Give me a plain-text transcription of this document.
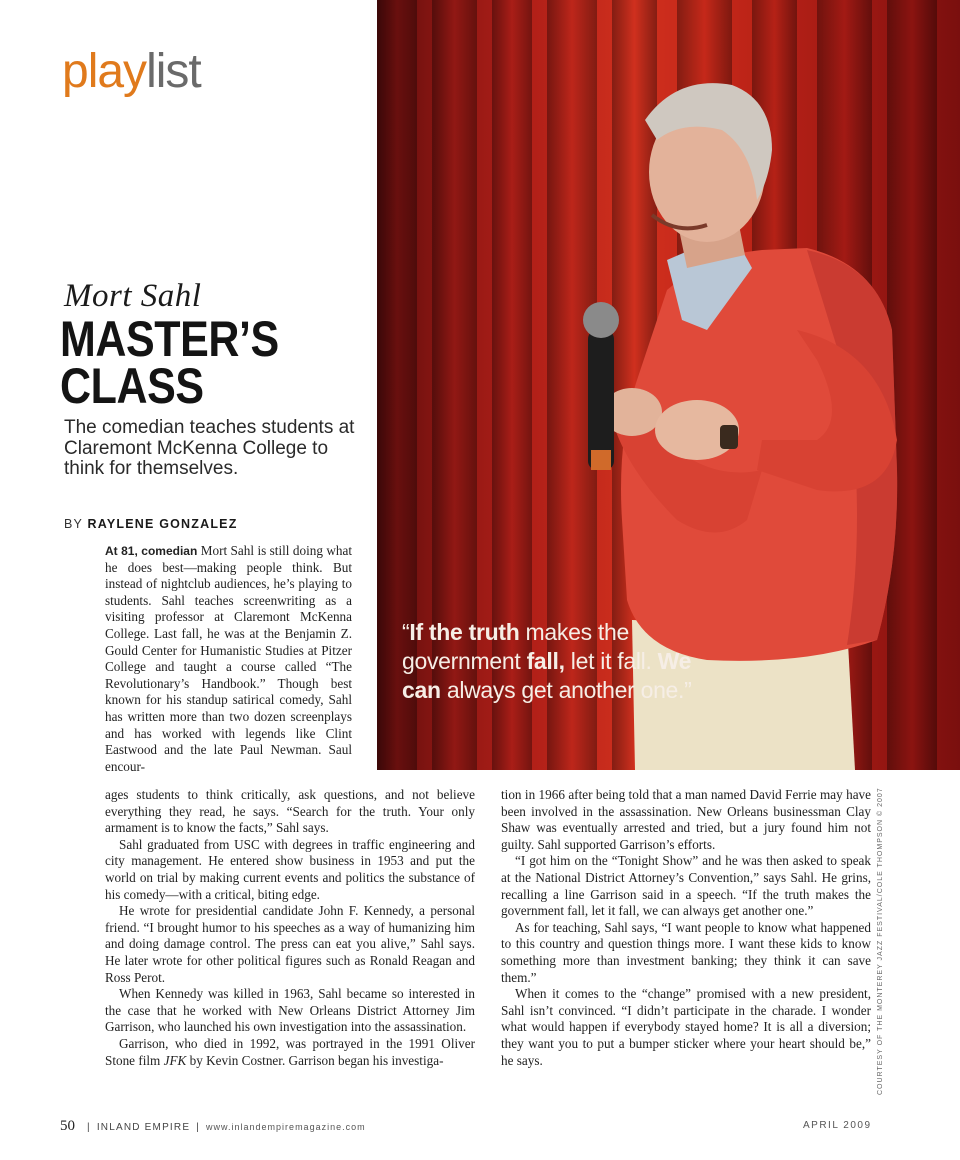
playlist
“If the truth makes the government fall, let it fall. We can always get another one.”
Mort Sahl
MASTER’S
CLASS
The comedian teaches students at Claremont McKenna College to think for themselves.
BY RAYLENE GONZALEZ

At 81, comedian Mort Sahl is still doing what he does best—making people think. But instead of nightclub audiences, he’s playing to students. Sahl teaches screenwriting as a visiting professor at Claremont McKenna College. Last fall, he was at the Benjamin Z. Gould Center for Humanistic Studies at Pitzer College and taught a course called “The Revolutionary’s Handbook.” Though best known for his standup satirical comedy, Sahl has written more than two dozen screenplays and has worked with legends like Clint Eastwood and the late Paul Newman. Saul encour-

ages students to think critically, ask questions, and not believe everything they read, he says. “Search for the truth. Your only armament is to know the facts,” Sahl says.

Sahl graduated from USC with degrees in traffic engineering and city management. He entered show business in 1953 and put the world on trial by making current events and politics the substance of his comedy—with a critical, biting edge.

He wrote for presidential candidate John F. Kennedy, a personal friend. “I brought humor to his speeches as a way of humanizing him and doing damage control. The press can eat you alive,” Sahl says. He later wrote for other political figures such as Ronald Reagan and Ross Perot.

When Kennedy was killed in 1963, Sahl became so interested in the case that he worked with New Orleans District Attorney Jim Garrison, who launched his own investigation into the assassination.

Garrison, who died in 1992, was portrayed in the 1991 Oliver Stone film JFK by Kevin Costner. Garrison began his investiga-

tion in 1966 after being told that a man named David Ferrie may have been involved in the assassination. New Orleans businessman Clay Shaw was eventually arrested and tried, but a jury found him not guilty. Sahl supported Garrison’s efforts.

“I got him on the “Tonight Show” and he was then asked to speak at the National District Attorney’s Convention,” says Sahl. He grins, recalling a line Garrison said in a speech. “If the truth makes the government fall, let it fall, we can always get another one.”

As for teaching, Sahl says, “I want people to know what happened to this country and question things more. I want these kids to know something more than investment banking; they think it can save them.”

When it comes to the “change” promised with a new president, Sahl isn’t convinced. “I didn’t participate in the charade. I wonder what would happen if everybody stayed home? It is all a diversion; they want you to put a bumper sticker where your heart should be,” he says.	COURTESY OF THE MONTEREY JAZZ FESTIVAL/COLE THOMPSON © 2007
50 | INLAND EMPIRE | www.inlandempiremagazine.com	APRIL 2009
